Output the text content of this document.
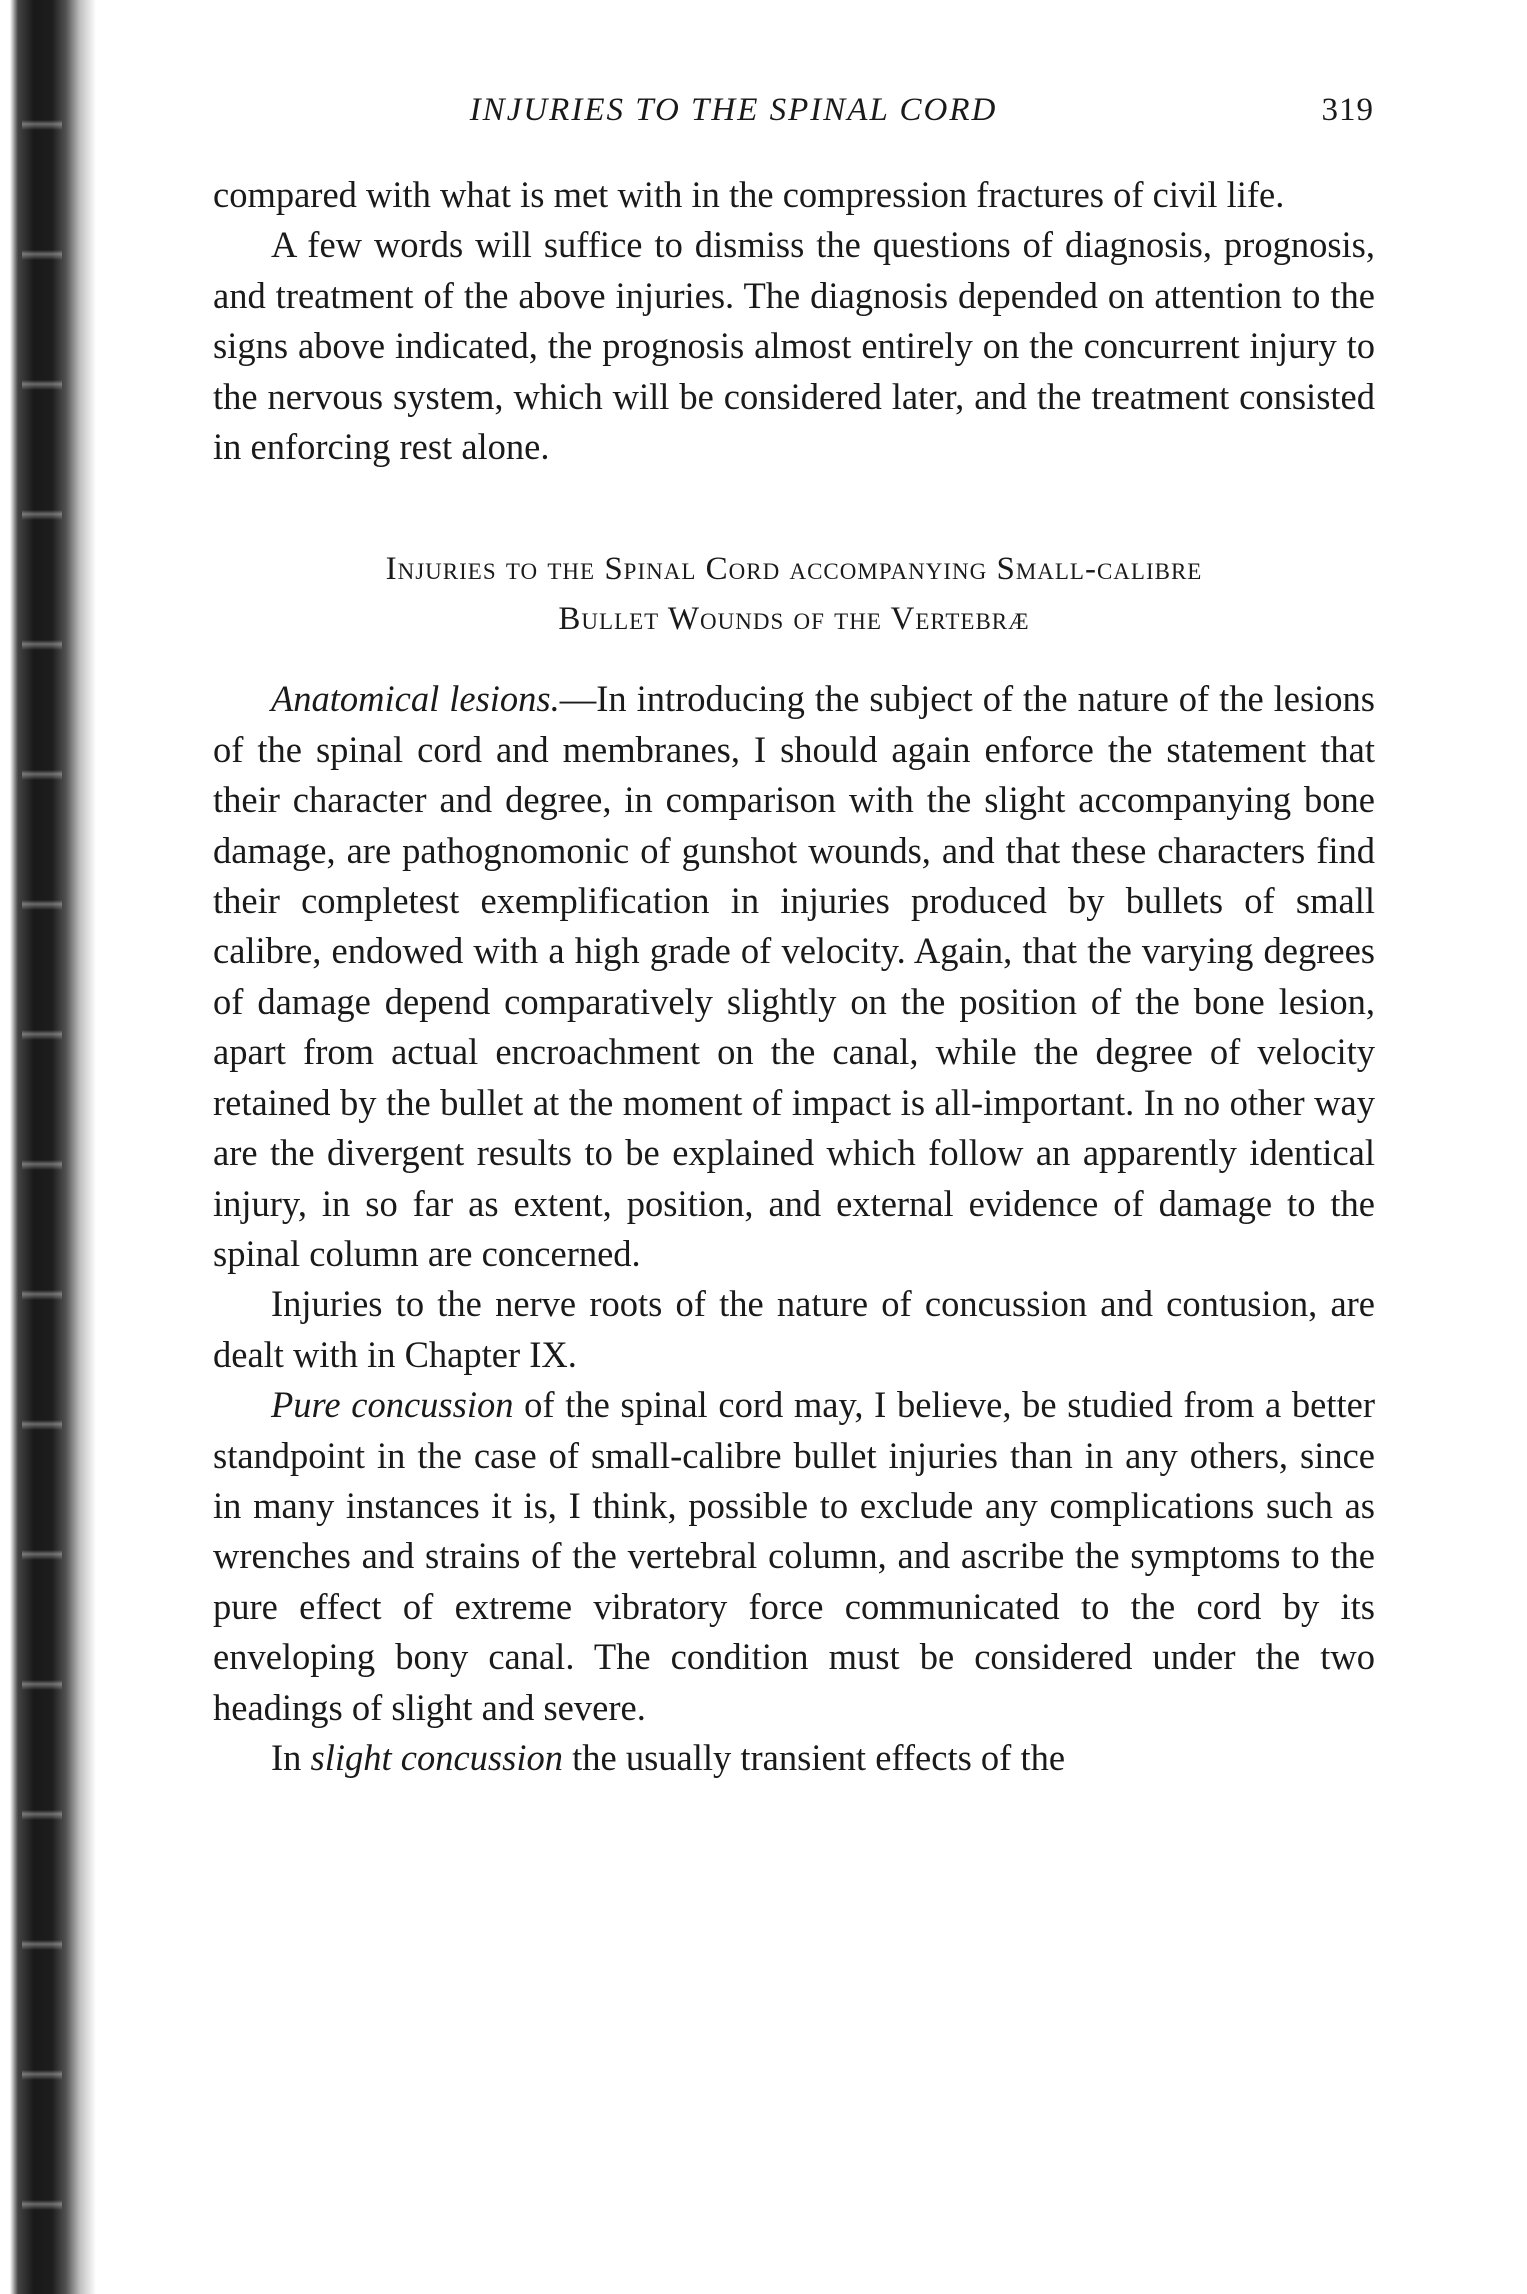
INJURIES TO THE SPINAL CORD	319

compared with what is met with in the compression fractures of civil life.

A few words will suffice to dismiss the questions of diagnosis, prognosis, and treatment of the above injuries. The diagnosis depended on attention to the signs above indicated, the prognosis almost entirely on the concurrent injury to the nervous system, which will be considered later, and the treatment consisted in enforcing rest alone.

Injuries to the Spinal Cord accompanying Small-calibre
Bullet Wounds of the Vertebræ

Anatomical lesions.—In introducing the subject of the nature of the lesions of the spinal cord and membranes, I should again enforce the statement that their character and degree, in comparison with the slight accompanying bone damage, are pathognomonic of gunshot wounds, and that these characters find their completest exemplification in injuries produced by bullets of small calibre, endowed with a high grade of velocity. Again, that the varying degrees of damage depend comparatively slightly on the position of the bone lesion, apart from actual encroachment on the canal, while the degree of velocity retained by the bullet at the moment of impact is all-important. In no other way are the divergent results to be explained which follow an apparently identical injury, in so far as extent, position, and external evidence of damage to the spinal column are concerned.

Injuries to the nerve roots of the nature of concussion and contusion, are dealt with in Chapter IX.

Pure concussion of the spinal cord may, I believe, be studied from a better standpoint in the case of small-calibre bullet injuries than in any others, since in many instances it is, I think, possible to exclude any complications such as wrenches and strains of the vertebral column, and ascribe the symptoms to the pure effect of extreme vibratory force communicated to the cord by its enveloping bony canal. The condition must be considered under the two headings of slight and severe.

In slight concussion the usually transient effects of the
